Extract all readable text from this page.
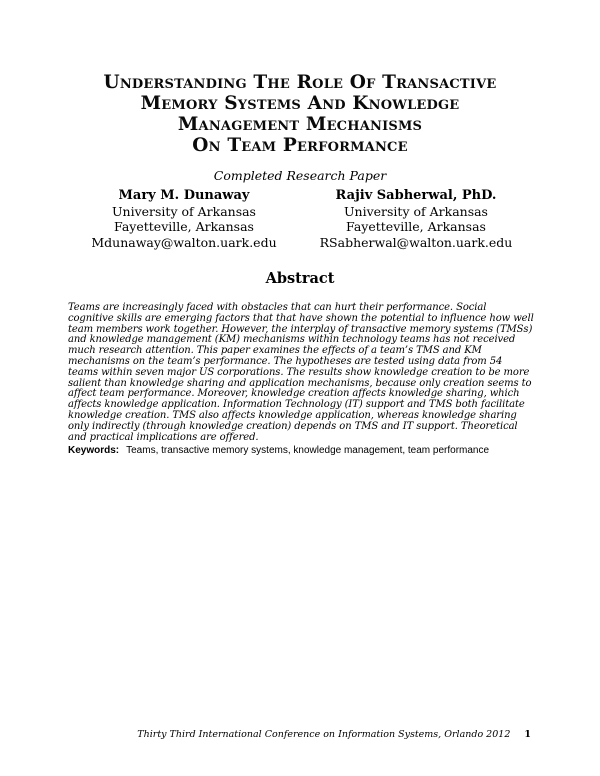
Understanding The Role Of Transactive
Memory Systems And Knowledge
Management Mechanisms
On Team Performance
Completed Research Paper
Mary M. Dunaway
University of Arkansas
Fayetteville, Arkansas
Mdunaway@walton.uark.edu
Rajiv Sabherwal, PhD.
University of Arkansas
Fayetteville, Arkansas
RSabherwal@walton.uark.edu
Abstract
Teams are increasingly faced with obstacles that can hurt their performance. Social cognitive skills are emerging factors that that have shown the potential to influence how well team members work together. However, the interplay of transactive memory systems (TMSs) and knowledge management (KM) mechanisms within technology teams has not received much research attention. This paper examines the effects of a team’s TMS and KM mechanisms on the team’s performance. The hypotheses are tested using data from 54 teams within seven major US corporations. The results show knowledge creation to be more salient than knowledge sharing and application mechanisms, because only creation seems to affect team performance. Moreover, knowledge creation affects knowledge sharing, which affects knowledge application. Information Technology (IT) support and TMS both facilitate knowledge creation. TMS also affects knowledge application, whereas knowledge sharing only indirectly (through knowledge creation) depends on TMS and IT support. Theoretical and practical implications are offered.
Keywords: Teams, transactive memory systems, knowledge management, team performance
Thirty Third International Conference on Information Systems, Orlando 2012 1
